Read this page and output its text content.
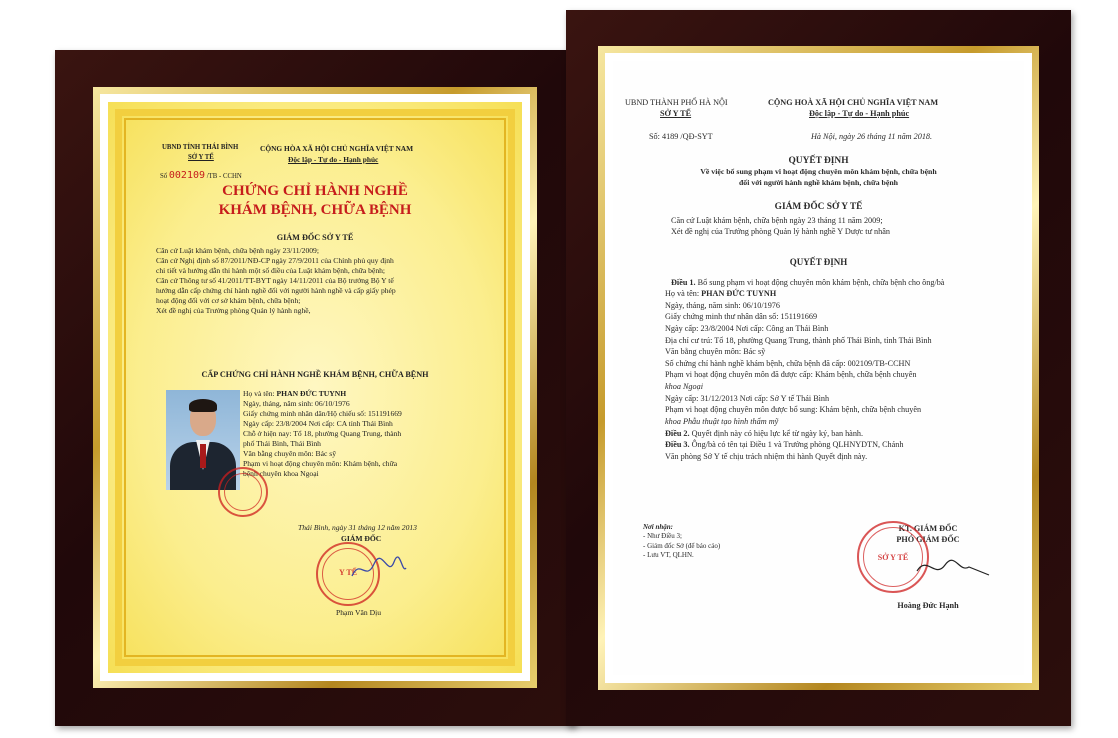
UBND TỈNH THÁI BÌNH
SỞ Y TẾ
Số 002109 /TB - CCHN
CỘNG HÒA XÃ HỘI CHỦ NGHĨA VIỆT NAM
Độc lập - Tự do - Hạnh phúc
CHỨNG CHỈ HÀNH NGHỀ
KHÁM BỆNH, CHỮA BỆNH
GIÁM ĐỐC SỞ Y TẾ
Căn cứ Luật khám bệnh, chữa bệnh ngày 23/11/2009;
Căn cứ Nghị định số 87/2011/NĐ-CP ngày 27/9/2011 của Chính phủ quy định
chi tiết và hướng dẫn thi hành một số điều của Luật khám bệnh, chữa bệnh;
Căn cứ Thông tư số 41/2011/TT-BYT ngày 14/11/2011 của Bộ trưởng Bộ Y tế
hướng dẫn cấp chứng chỉ hành nghề đối với người hành nghề và cấp giấy phép
hoạt động đối với cơ sở khám bệnh, chữa bệnh;
Xét đề nghị của Trưởng phòng Quản lý hành nghề,
CẤP CHỨNG CHỈ HÀNH NGHỀ KHÁM BỆNH, CHỮA BỆNH
Họ và tên: PHAN ĐỨC TUYNH
Ngày, tháng, năm sinh: 06/10/1976
Giấy chứng minh nhân dân/Hộ chiếu số: 151191669
Ngày cấp: 23/8/2004 Nơi cấp: CA tỉnh Thái Bình
Chỗ ở hiện nay: Tổ 18, phường Quang Trung, thành
phố Thái Bình, Thái Bình
Văn bằng chuyên môn: Bác sỹ
Phạm vi hoạt động chuyên môn: Khám bệnh, chữa
bệnh chuyên khoa Ngoại
Thái Bình, ngày 31 tháng 12 năm 2013
GIÁM ĐỐC
Y TẾ
Phạm Văn Dịu
UBND THÀNH PHỐ HÀ NỘI
SỞ Y TẾ
CỘNG HOÀ XÃ HỘI CHỦ NGHĨA VIỆT NAM
Độc lập - Tự do - Hạnh phúc
Số: 4189 /QĐ-SYT	Hà Nội, ngày 26 tháng 11 năm 2018.
QUYẾT ĐỊNH
Về việc bổ sung phạm vi hoạt động chuyên môn khám bệnh, chữa bệnh
đối với người hành nghề khám bệnh, chữa bệnh
GIÁM ĐỐC SỞ Y TẾ
Căn cứ Luật khám bệnh, chữa bệnh ngày 23 tháng 11 năm 2009;
Xét đề nghị của Trưởng phòng Quản lý hành nghề Y Dược tư nhân
QUYẾT ĐỊNH
Điều 1. Bổ sung phạm vi hoạt động chuyên môn khám bệnh, chữa bệnh cho ông/bà
Họ và tên: PHAN ĐỨC TUYNH
Ngày, tháng, năm sinh: 06/10/1976
Giấy chứng minh thư nhân dân số: 151191669
Ngày cấp: 23/8/2004 Nơi cấp: Công an Thái Bình
Địa chỉ cư trú: Tổ 18, phường Quang Trung, thành phố Thái Bình, tỉnh Thái Bình
Văn bằng chuyên môn: Bác sỹ
Số chứng chỉ hành nghề khám bệnh, chữa bệnh đã cấp: 002109/TB-CCHN
Phạm vi hoạt động chuyên môn đã được cấp: Khám bệnh, chữa bệnh chuyên
khoa Ngoại
Ngày cấp: 31/12/2013 Nơi cấp: Sở Y tế Thái Bình
Phạm vi hoạt động chuyên môn được bổ sung: Khám bệnh, chữa bệnh chuyên
khoa Phẫu thuật tạo hình thẩm mỹ
Điều 2. Quyết định này có hiệu lực kể từ ngày ký, ban hành.
Điều 3. Ông/bà có tên tại Điều 1 và Trưởng phòng QLHNYDTN, Chánh
Văn phòng Sở Y tế chịu trách nhiệm thi hành Quyết định này.
Nơi nhận:
- Như Điều 3;
- Giám đốc Sở (để báo cáo)
- Lưu VT, QLHN.
KT. GIÁM ĐỐC
PHÓ GIÁM ĐỐC
SỞ Y TẾ
Hoàng Đức Hạnh
